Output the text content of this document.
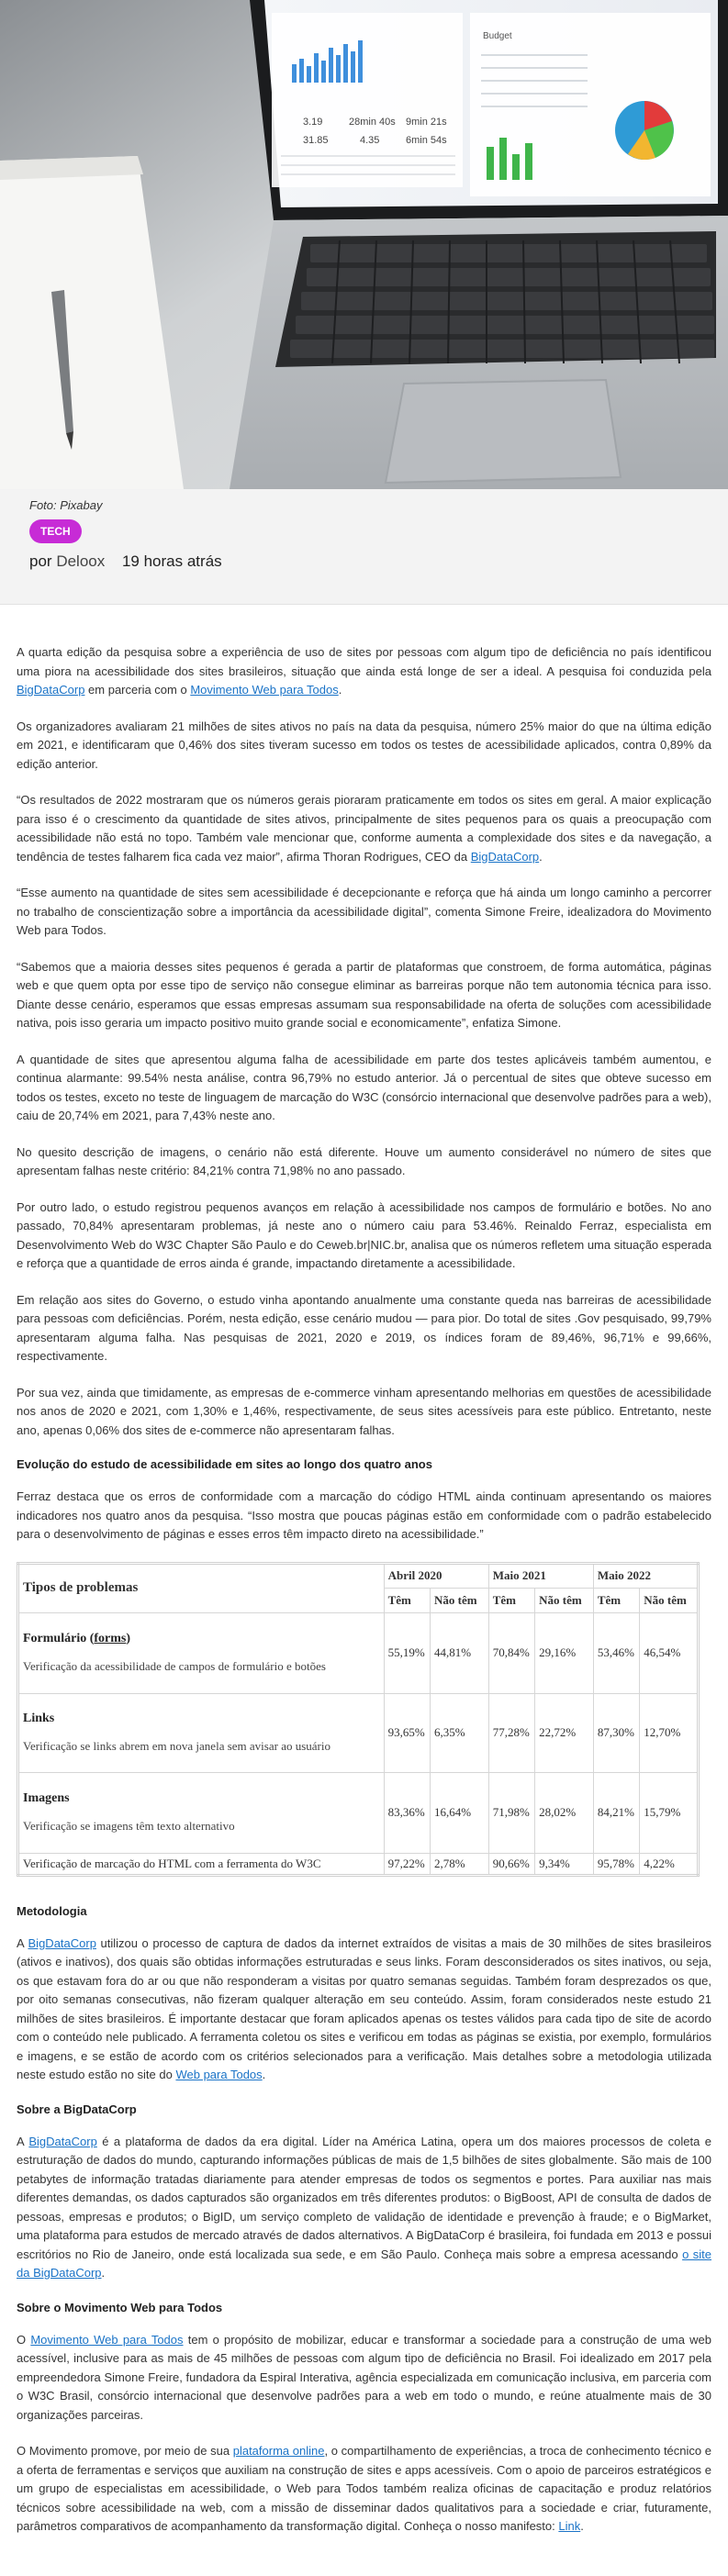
3.19	28min 40s 9min 21s
31.85	4.35	6min 54s
Budget
Foto: Pixabay
TECH
por Deloox 19 horas atrás

A quarta edição da pesquisa sobre a experiência de uso de sites por pessoas com algum tipo de deficiência no país identificou uma piora na acessibilidade dos sites brasileiros, situação que ainda está longe de ser a ideal. A pesquisa foi conduzida pela BigDataCorp em parceria com o Movimento Web para Todos.

Os organizadores avaliaram 21 milhões de sites ativos no país na data da pesquisa, número 25% maior do que na última edição em 2021, e identificaram que 0,46% dos sites tiveram sucesso em todos os testes de acessibilidade aplicados, contra 0,89% da edição anterior.

“Os resultados de 2022 mostraram que os números gerais pioraram praticamente em todos os sites em geral. A maior explicação para isso é o crescimento da quantidade de sites ativos, principalmente de sites pequenos para os quais a preocupação com acessibilidade não está no topo. Também vale mencionar que, conforme aumenta a complexidade dos sites e da navegação, a tendência de testes falharem fica cada vez maior”, afirma Thoran Rodrigues, CEO da BigDataCorp.

“Esse aumento na quantidade de sites sem acessibilidade é decepcionante e reforça que há ainda um longo caminho a percorrer no trabalho de conscientização sobre a importância da acessibilidade digital”, comenta Simone Freire, idealizadora do Movimento Web para Todos.

“Sabemos que a maioria desses sites pequenos é gerada a partir de plataformas que constroem, de forma automática, páginas web e que quem opta por esse tipo de serviço não consegue eliminar as barreiras porque não tem autonomia técnica para isso. Diante desse cenário, esperamos que essas empresas assumam sua responsabilidade na oferta de soluções com acessibilidade nativa, pois isso geraria um impacto positivo muito grande social e economicamente”, enfatiza Simone.

A quantidade de sites que apresentou alguma falha de acessibilidade em parte dos testes aplicáveis também aumentou, e continua alarmante: 99.54% nesta análise, contra 96,79% no estudo anterior. Já o percentual de sites que obteve sucesso em todos os testes, exceto no teste de linguagem de marcação do W3C (consórcio internacional que desenvolve padrões para a web), caiu de 20,74% em 2021, para 7,43% neste ano.

No quesito descrição de imagens, o cenário não está diferente. Houve um aumento considerável no número de sites que apresentam falhas neste critério: 84,21% contra 71,98% no ano passado.

Por outro lado, o estudo registrou pequenos avanços em relação à acessibilidade nos campos de formulário e botões. No ano passado, 70,84% apresentaram problemas, já neste ano o número caiu para 53.46%. Reinaldo Ferraz, especialista em Desenvolvimento Web do W3C Chapter São Paulo e do Ceweb.br|NIC.br, analisa que os números refletem uma situação esperada e reforça que a quantidade de erros ainda é grande, impactando diretamente a acessibilidade.

Em relação aos sites do Governo, o estudo vinha apontando anualmente uma constante queda nas barreiras de acessibilidade para pessoas com deficiências. Porém, nesta edição, esse cenário mudou — para pior. Do total de sites .Gov pesquisado, 99,79% apresentaram alguma falha. Nas pesquisas de 2021, 2020 e 2019, os índices foram de 89,46%, 96,71% e 99,66%, respectivamente.

Por sua vez, ainda que timidamente, as empresas de e-commerce vinham apresentando melhorias em questões de acessibilidade nos anos de 2020 e 2021, com 1,30% e 1,46%, respectivamente, de seus sites acessíveis para este público. Entretanto, neste ano, apenas 0,06% dos sites de e-commerce não apresentaram falhas.

Evolução do estudo de acessibilidade em sites ao longo dos quatro anos

Ferraz destaca que os erros de conformidade com a marcação do código HTML ainda continuam apresentando os maiores indicadores nos quatro anos da pesquisa. “Isso mostra que poucas páginas estão em conformidade com o padrão estabelecido para o desenvolvimento de páginas e esses erros têm impacto direto na acessibilidade.”

Tipos de problemas	Abril 2020		Maio 2021		Maio 2022	
	Têm	Não têm	Têm	Não têm	Têm	Não têm

Formulário (forms)
Verificação da acessibilidade de campos de formulário e botões	55,19%	44,81%	70,84%	29,16%	53,46%	46,54%

Links
Verificação se links abrem em nova janela sem avisar ao usuário	93,65%	6,35%	77,28%	22,72%	87,30%	12,70%

Imagens
Verificação se imagens têm texto alternativo	83,36%	16,64%	71,98%	28,02%	84,21%	15,79%
Verificação de marcação do HTML com a ferramenta do W3C	97,22%	2,78%	90,66%	9,34%	95,78%	4,22%
Metodologia

A BigDataCorp utilizou o processo de captura de dados da internet extraídos de visitas a mais de 30 milhões de sites brasileiros (ativos e inativos), dos quais são obtidas informações estruturadas e seus links. Foram desconsiderados os sites inativos, ou seja, os que estavam fora do ar ou que não responderam a visitas por quatro semanas seguidas. Também foram desprezados os que, por oito semanas consecutivas, não fizeram qualquer alteração em seu conteúdo. Assim, foram considerados neste estudo 21 milhões de sites brasileiros. É importante destacar que foram aplicados apenas os testes válidos para cada tipo de site de acordo com o conteúdo nele publicado. A ferramenta coletou os sites e verificou em todas as páginas se existia, por exemplo, formulários e imagens, e se estão de acordo com os critérios selecionados para a verificação. Mais detalhes sobre a metodologia utilizada neste estudo estão no site do Web para Todos.

Sobre a BigDataCorp

A BigDataCorp é a plataforma de dados da era digital. Líder na América Latina, opera um dos maiores processos de coleta e estruturação de dados do mundo, capturando informações públicas de mais de 1,5 bilhões de sites globalmente. São mais de 100 petabytes de informação tratadas diariamente para atender empresas de todos os segmentos e portes. Para auxiliar nas mais diferentes demandas, os dados capturados são organizados em três diferentes produtos: o BigBoost, API de consulta de dados de pessoas, empresas e produtos; o BigID, um serviço completo de validação de identidade e prevenção à fraude; e o BigMarket, uma plataforma para estudos de mercado através de dados alternativos. A BigDataCorp é brasileira, foi fundada em 2013 e possui escritórios no Rio de Janeiro, onde está localizada sua sede, e em São Paulo. Conheça mais sobre a empresa acessando o site da BigDataCorp.

Sobre o Movimento Web para Todos

O Movimento Web para Todos tem o propósito de mobilizar, educar e transformar a sociedade para a construção de uma web acessível, inclusive para as mais de 45 milhões de pessoas com algum tipo de deficiência no Brasil. Foi idealizado em 2017 pela empreendedora Simone Freire, fundadora da Espiral Interativa, agência especializada em comunicação inclusiva, em parceria com o W3C Brasil, consórcio internacional que desenvolve padrões para a web em todo o mundo, e reúne atualmente mais de 30 organizações parceiras.

O Movimento promove, por meio de sua plataforma online, o compartilhamento de experiências, a troca de conhecimento técnico e a oferta de ferramentas e serviços que auxiliam na construção de sites e apps acessíveis. Com o apoio de parceiros estratégicos e um grupo de especialistas em acessibilidade, o Web para Todos também realiza oficinas de capacitação e produz relatórios técnicos sobre acessibilidade na web, com a missão de disseminar dados qualitativos para a sociedade e criar, futuramente, parâmetros comparativos de acompanhamento da transformação digital. Conheça o nosso manifesto: Link.
